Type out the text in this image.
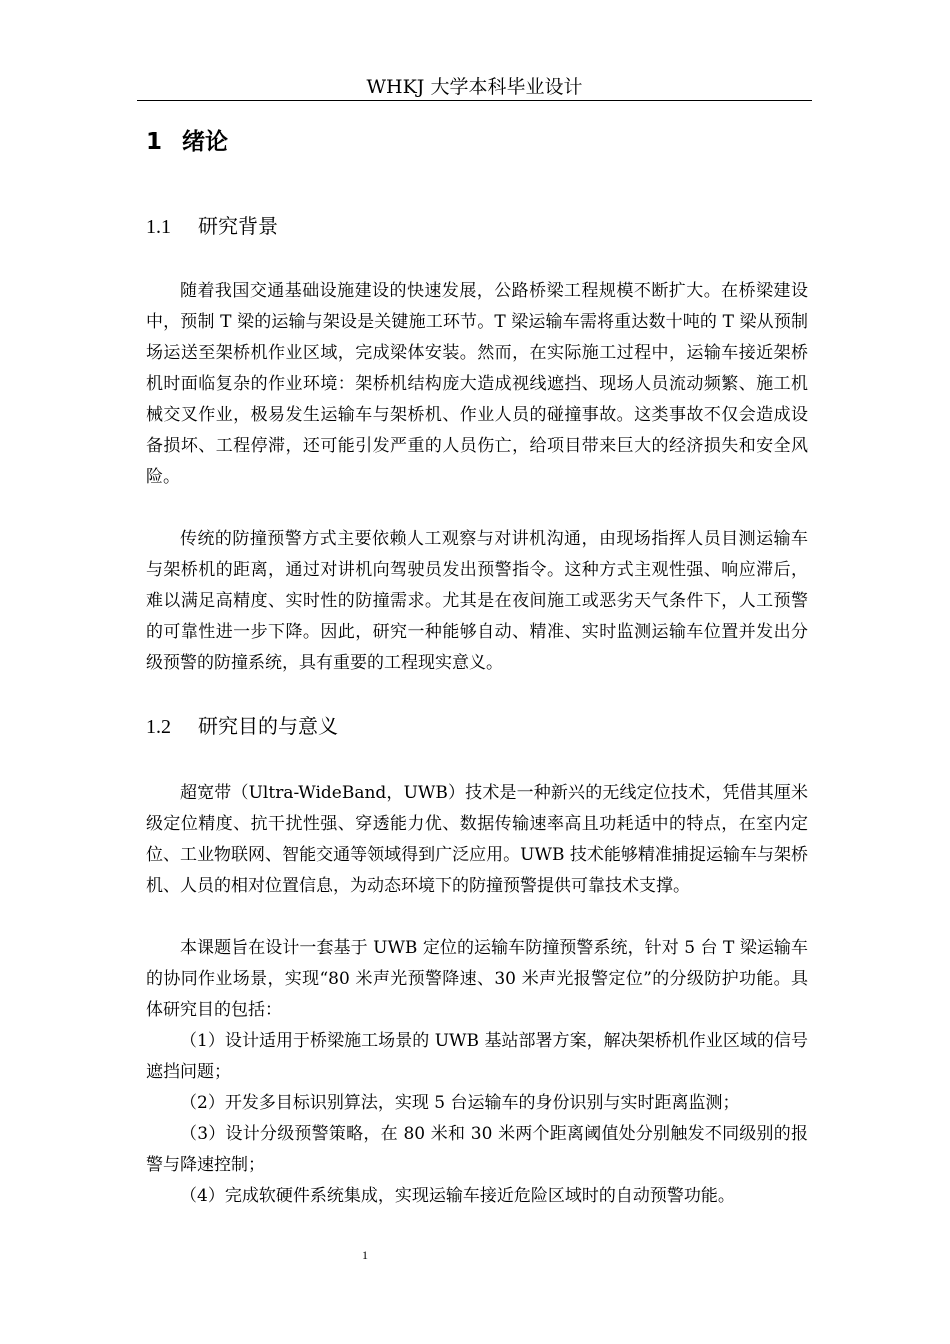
WHKJ 大学本科毕业设计
1 绪论
1.1 研究背景

随着我国交通基础设施建设的快速发展，公路桥梁工程规模不断扩大。在桥梁建设中，预制 T 梁的运输与架设是关键施工环节。T 梁运输车需将重达数十吨的 T 梁从预制场运送至架桥机作业区域，完成梁体安装。然而，在实际施工过程中，运输车接近架桥机时面临复杂的作业环境：架桥机结构庞大造成视线遮挡、现场人员流动频繁、施工机械交叉作业，极易发生运输车与架桥机、作业人员的碰撞事故。这类事故不仅会造成设备损坏、工程停滞，还可能引发严重的人员伤亡，给项目带来巨大的经济损失和安全风险。

传统的防撞预警方式主要依赖人工观察与对讲机沟通，由现场指挥人员目测运输车与架桥机的距离，通过对讲机向驾驶员发出预警指令。这种方式主观性强、响应滞后，难以满足高精度、实时性的防撞需求。尤其是在夜间施工或恶劣天气条件下，人工预警的可靠性进一步下降。因此，研究一种能够自动、精准、实时监测运输车位置并发出分级预警的防撞系统，具有重要的工程现实意义。

1.2 研究目的与意义

超宽带（Ultra-WideBand，UWB）技术是一种新兴的无线定位技术，凭借其厘米级定位精度、抗干扰性强、穿透能力优、数据传输速率高且功耗适中的特点，在室内定位、工业物联网、智能交通等领域得到广泛应用。UWB 技术能够精准捕捉运输车与架桥机、人员的相对位置信息，为动态环境下的防撞预警提供可靠技术支撑。

本课题旨在设计一套基于 UWB 定位的运输车防撞预警系统，针对 5 台 T 梁运输车的协同作业场景，实现“80 米声光预警降速、30 米声光报警定位”的分级防护功能。具体研究目的包括：

（1）设计适用于桥梁施工场景的 UWB 基站部署方案，解决架桥机作业区域的信号遮挡问题；

（2）开发多目标识别算法，实现 5 台运输车的身份识别与实时距离监测；

（3）设计分级预警策略，在 80 米和 30 米两个距离阈值处分别触发不同级别的报警与降速控制；

（4）完成软硬件系统集成，实现运输车接近危险区域时的自动预警功能。

1
